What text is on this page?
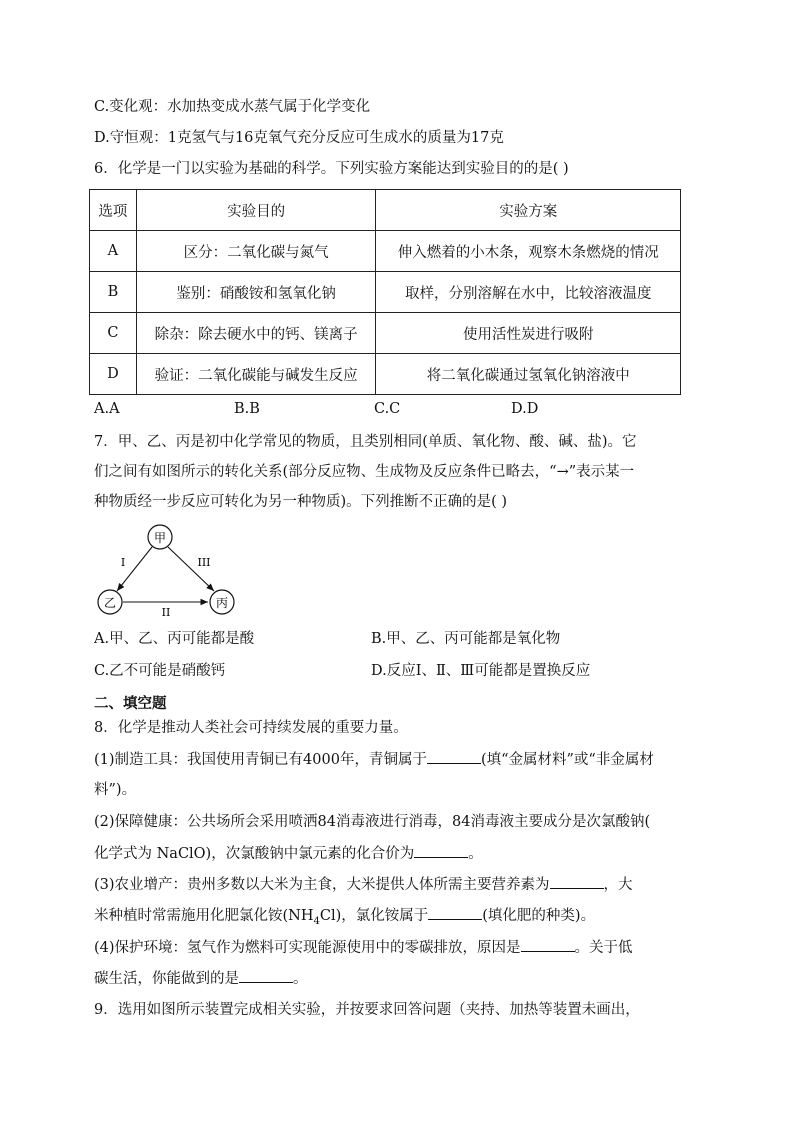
C.变化观：水加热变成水蒸气属于化学变化
D.守恒观：1克氢气与16克氧气充分反应可生成水的质量为17克
6．化学是一门以实验为基础的科学。下列实验方案能达到实验目的的是( )
选项	实验目的	实验方案
A	区分：二氧化碳与氮气	伸入燃着的小木条，观察木条燃烧的情况
B	鉴别：硝酸铵和氢氧化钠	取样，分别溶解在水中，比较溶液温度
C	除杂：除去硬水中的钙、镁离子	使用活性炭进行吸附
D	验证：二氧化碳能与碱发生反应	将二氧化碳通过氢氧化钠溶液中
A.A	B.B	C.C	D.D
7．甲、乙、丙是初中化学常见的物质，且类别相同(单质、氧化物、酸、碱、盐)。它
们之间有如图所示的转化关系(部分反应物、生成物及反应条件已略去，“→”表示某一
种物质经一步反应可转化为另一种物质)。下列推断不正确的是( )
甲
乙	丙
I	III
II
A.甲、乙、丙可能都是酸	B.甲、乙、丙可能都是氧化物
C.乙不可能是硝酸钙	D.反应Ⅰ、Ⅱ、Ⅲ可能都是置换反应
二、填空题
8．化学是推动人类社会可持续发展的重要力量。
(1)制造工具：我国使用青铜已有4000年，青铜属于	(填“金属材料”或“非金属材
料”)。
(2)保障健康：公共场所会采用喷洒84消毒液进行消毒，84消毒液主要成分是次氯酸钠(
化学式为 NaClO)，次氯酸钠中氯元素的化合价为	。
(3)农业增产：贵州多数以大米为主食，大米提供人体所需主要营养素为	，大
米种植时常需施用化肥氯化铵$(NH_4Cl)$，氯化铵属于	(填化肥的种类)。
(4)保护环境：氢气作为燃料可实现能源使用中的零碳排放，原因是	。关于低
碳生活，你能做到的是	。
9．选用如图所示装置完成相关实验，并按要求回答问题（夹持、加热等装置未画出，
